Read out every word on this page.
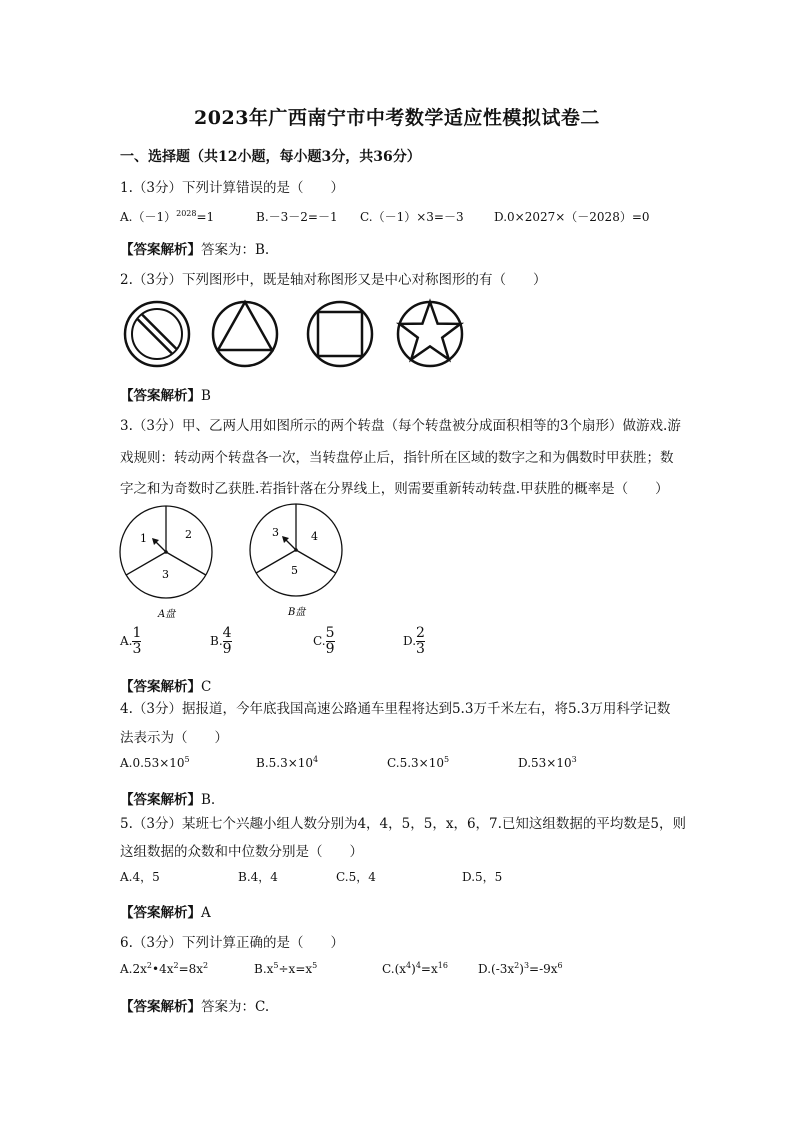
2023年广西南宁市中考数学适应性模拟试卷二
一、选择题（共12小题，每小题3分，共36分）
1.（3分）下列计算错误的是（　　）
$A.(-1)^{2028}=1$	B.－3－2=－1 C.（－1）×3=－3	D.0×2027×（－2028）=0
【答案解析】答案为：B.
2.（3分）下列图形中，既是轴对称图形又是中心对称图形的有（　　）
【答案解析】B
3.（3分）甲、乙两人用如图所示的两个转盘（每个转盘被分成面积相等的3个扇形）做游戏.游
戏规则：转动两个转盘各一次，当转盘停止后，指针所在区域的数字之和为偶数时甲获胜；数
字之和为奇数时乙获胜.若指针落在分界线上，则需要重新转动转盘.甲获胜的概率是（　　）
1	2
3
A盘
3	4
5
B盘
A. $\frac{1}{3}$	B. $\frac{4}{9}$	C. $\frac{5}{9}$	D. $\frac{2}{3}$
【答案解析】C
4.（3分）据报道，今年底我国高速公路通车里程将达到5.3万千米左右，将5.3万用科学记数
法表示为（　　）
$A.0.53\times 10^5$	$B.5.3\times 10^4$	$C.5.3\times 10^5$	$D.53\times 10^3$
【答案解析】B.
5.（3分）某班七个兴趣小组人数分别为4，4，5，5，x，6，7.已知这组数据的平均数是5，则
这组数据的众数和中位数分别是（　　）
A.4，5	B.4，4	C.5，4	D.5，5
【答案解析】A
6.（3分）下列计算正确的是（　　）
$A.2x^2•4x^2=8x^2$	$B.x^5\div x=x^5$	$C.(x^4)^4=x^{16}$	$D.(-3x^2)^3=-9x^6$
【答案解析】答案为：C.
